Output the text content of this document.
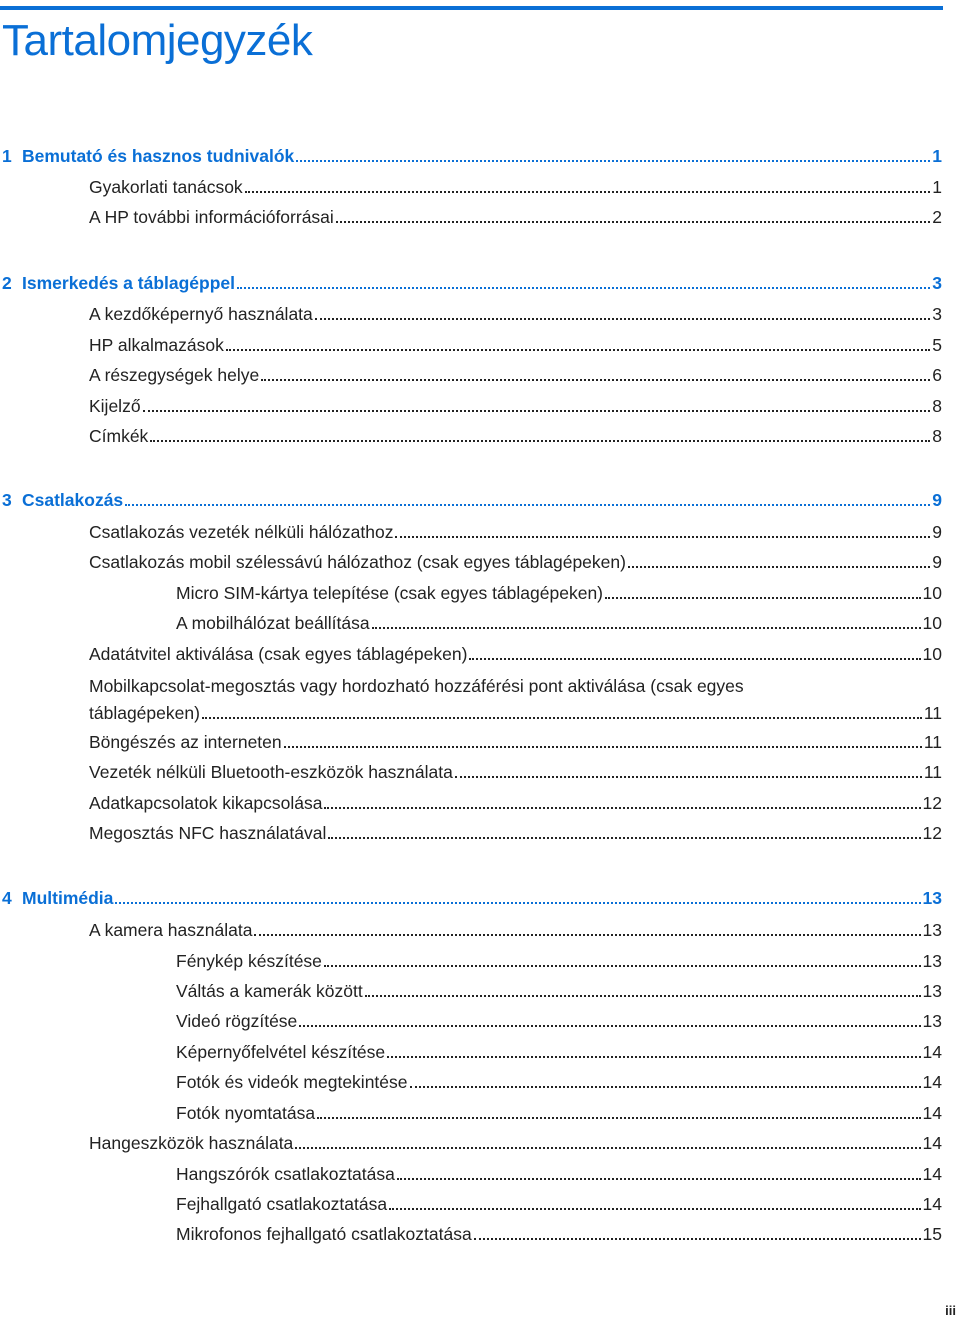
Tartalomjegyzék
1 Bemutató és hasznos tudnivalók	1
Gyakorlati tanácsok	1
A HP további információforrásai	2
2 Ismerkedés a táblagéppel	3
A kezdőképernyő használata	3
HP alkalmazások	5
A részegységek helye	6
Kijelző	8
Címkék	8
3 Csatlakozás	9
Csatlakozás vezeték nélküli hálózathoz	9
Csatlakozás mobil szélessávú hálózathoz (csak egyes táblagépeken)	9
Micro SIM-kártya telepítése (csak egyes táblagépeken)	10
A mobilhálózat beállítása	10
Adatátvitel aktiválása (csak egyes táblagépeken)	10
Mobilkapcsolat-megosztás vagy hordozható hozzáférési pont aktiválása (csak egyes
táblagépeken)	11
Böngészés az interneten	11
Vezeték nélküli Bluetooth-eszközök használata	11
Adatkapcsolatok kikapcsolása	12
Megosztás NFC használatával	12
4 Multimédia	13
A kamera használata	13
Fénykép készítése	13
Váltás a kamerák között	13
Videó rögzítése	13
Képernyőfelvétel készítése	14
Fotók és videók megtekintése	14
Fotók nyomtatása	14
Hangeszközök használata	14
Hangszórók csatlakoztatása	14
Fejhallgató csatlakoztatása	14
Mikrofonos fejhallgató csatlakoztatása	15
iii
